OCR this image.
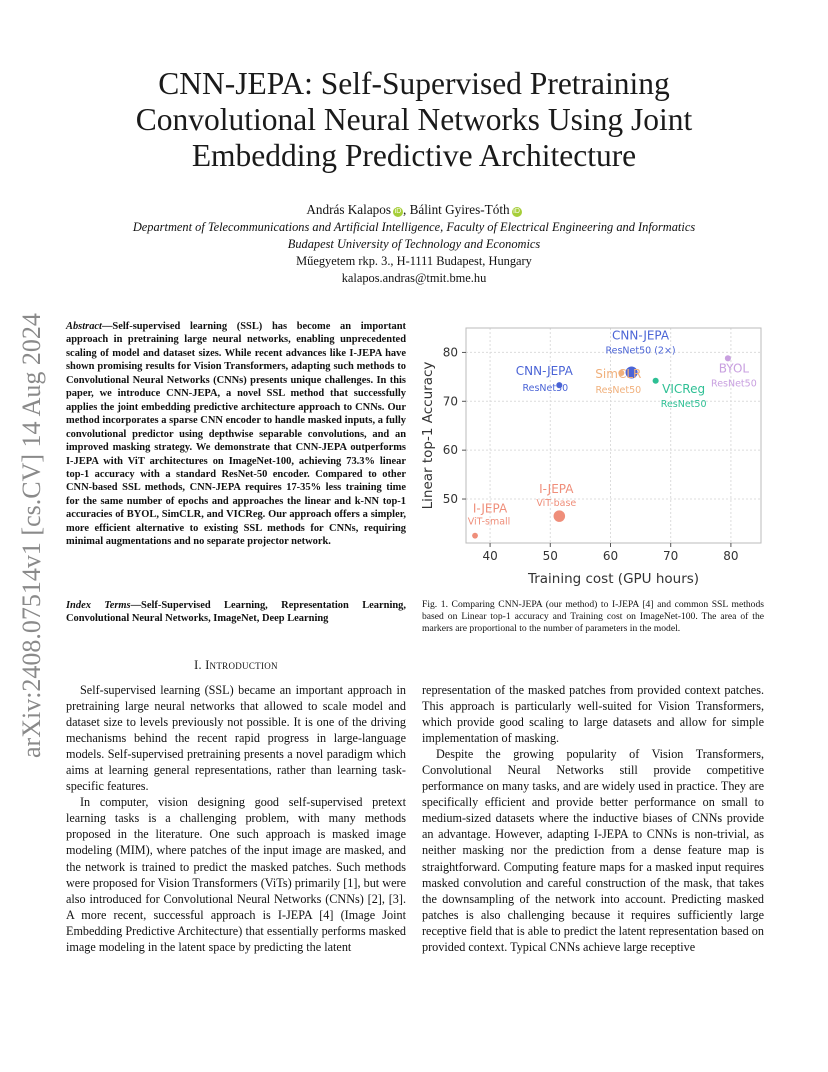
arXiv:2408.07514v1 [cs.CV] 14 Aug 2024
CNN-JEPA: Self-Supervised Pretraining
Convolutional Neural Networks Using Joint
Embedding Predictive Architecture
András Kalapos iD , Bálint Gyires-Tóth iD
Department of Telecommunications and Artificial Intelligence, Faculty of Electrical Engineering and Informatics
Budapest University of Technology and Economics
Műegyetem rkp. 3., H-1111 Budapest, Hungary
kalapos.andras@tmit.bme.hu
Abstract—Self-supervised learning (SSL) has become an important approach in pretraining large neural networks, enabling unprecedented scaling of model and dataset sizes. While recent advances like I-JEPA have shown promising results for Vision Transformers, adapting such methods to Convolutional Neural Networks (CNNs) presents unique challenges. In this paper, we introduce CNN-JEPA, a novel SSL method that successfully applies the joint embedding predictive architecture approach to CNNs. Our method incorporates a sparse CNN encoder to handle masked inputs, a fully convolutional predictor using depthwise separable convolutions, and an improved masking strategy. We demonstrate that CNN-JEPA outperforms I-JEPA with ViT architectures on ImageNet-100, achieving 73.3% linear top-1 accuracy with a standard ResNet-50 encoder. Compared to other CNN-based SSL methods, CNN-JEPA requires 17-35% less training time for the same number of epochs and approaches the linear and k-NN top-1 accuracies of BYOL, SimCLR, and VICReg. Our approach offers a simpler, more efficient alternative to existing SSL methods for CNNs, requiring minimal augmentations and no separate projector network.
Index Terms—Self-Supervised Learning, Representation Learning, Convolutional Neural Networks, ImageNet, Deep Learning
I. Introduction

Self-supervised learning (SSL) became an important approach in pretraining large neural networks that allowed to scale model and dataset size to levels previously not possible. It is one of the driving mechanisms behind the recent rapid progress in large-language models. Self-supervised pretraining presents a novel paradigm which aims at learning general representations, rather than learning task-specific features.

In computer, vision designing good self-supervised pretext learning tasks is a challenging problem, with many methods proposed in the literature. One such approach is masked image modeling (MIM), where patches of the input image are masked, and the network is trained to predict the masked patches. Such methods were proposed for Vision Transformers (ViTs) primarily [1], but were also introduced for Convolutional Neural Networks (CNNs) [2], [3]. A more recent, successful approach is I-JEPA [4] (Image Joint Embedding Predictive Architecture) that essentially performs masked image modeling in the latent space by predicting the latent

representation of the masked patches from provided context patches. This approach is particularly well-suited for Vision Transformers, which provide good scaling to large datasets and allow for simple implementation of masking.

Despite the growing popularity of Vision Transformers, Convolutional Neural Networks still provide competitive performance on many tasks, and are widely used in practice. They are specifically efficient and provide better performance on small to medium-sized datasets where the inductive biases of CNNs provide an advantage. However, adapting I-JEPA to CNNs is non-trivial, as neither masking nor the prediction from a dense feature map is straightforward. Computing feature maps for a masked input requires masked convolution and careful construction of the mask, that takes the downsampling of the network into account. Predicting masked patches is also challenging because it requires sufficiently large receptive field that is able to predict the latent representation based on provided context. Typical CNNs achieve large receptive

40	50	60	70	80
50
60
70
80
CNN-JEPA
ResNet50
CNN-JEPA
ResNet50 (2×)
SimCLR
ResNet50 VICReg
ResNet50
BYOL
ResNet50
I-JEPA
ViT-small
I-JEPA
ViT-base
Training cost (GPU hours)
Linear top-1 Accuracy
Fig. 1. Comparing CNN-JEPA (our method) to I-JEPA [4] and common SSL methods based on Linear top-1 accuracy and Training cost on ImageNet-100. The area of the markers are proportional to the number of parameters in the model.
